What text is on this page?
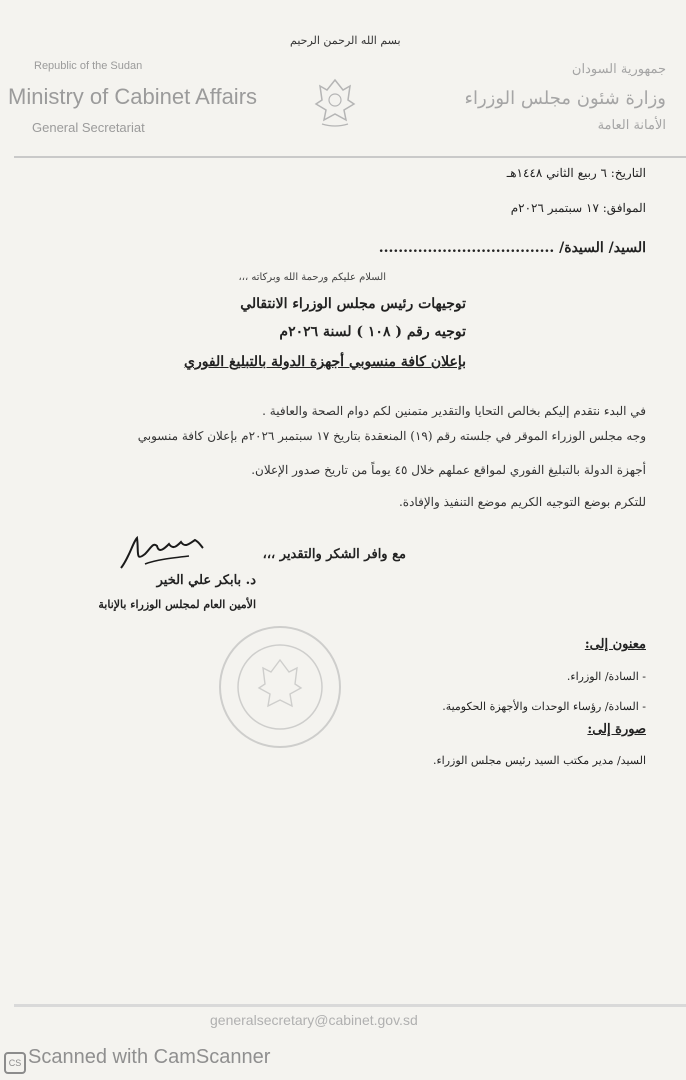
بسم الله الرحمن الرحيم
Republic of the Sudan
Ministry of Cabinet Affairs
General Secretariat
جمهورية السودان
وزارة شئون مجلس الوزراء
الأمانة العامة
التاريخ: ٦ ربيع الثاني ١٤٤٨هـ
الموافق: ١٧ سبتمبر ٢٠٢٦م
السيد/ السيدة/ ....................................
السلام عليكم ورحمة الله وبركاته ،،،
توجيهات رئيس مجلس الوزراء الانتقالي
توجيه رقم ( ١٠٨ ) لسنة ٢٠٢٦م
بإعلان كافة منسوبي أجهزة الدولة بالتبليغ الفوري
في البدء نتقدم إليكم بخالص التحايا والتقدير متمنين لكم دوام الصحة والعافية .
وجه مجلس الوزراء الموقر في جلسته رقم (١٩) المنعقدة بتاريخ ١٧ سبتمبر ٢٠٢٦م بإعلان كافة منسوبي
أجهزة الدولة بالتبليغ الفوري لمواقع عملهم خلال ٤٥ يوماً من تاريخ صدور الإعلان.
للتكرم بوضع التوجيه الكريم موضع التنفيذ والإفادة.
مع وافر الشكر والتقدير ،،،
د. بابكر علي الخير
الأمين العام لمجلس الوزراء بالإنابة
معنون إلى:
- السادة/ الوزراء.
- السادة/ رؤساء الوحدات والأجهزة الحكومية.
صورة إلى:
السيد/ مدير مكتب السيد رئيس مجلس الوزراء.
generalsecretary@cabinet.gov.sd
CS Scanned with CamScanner
